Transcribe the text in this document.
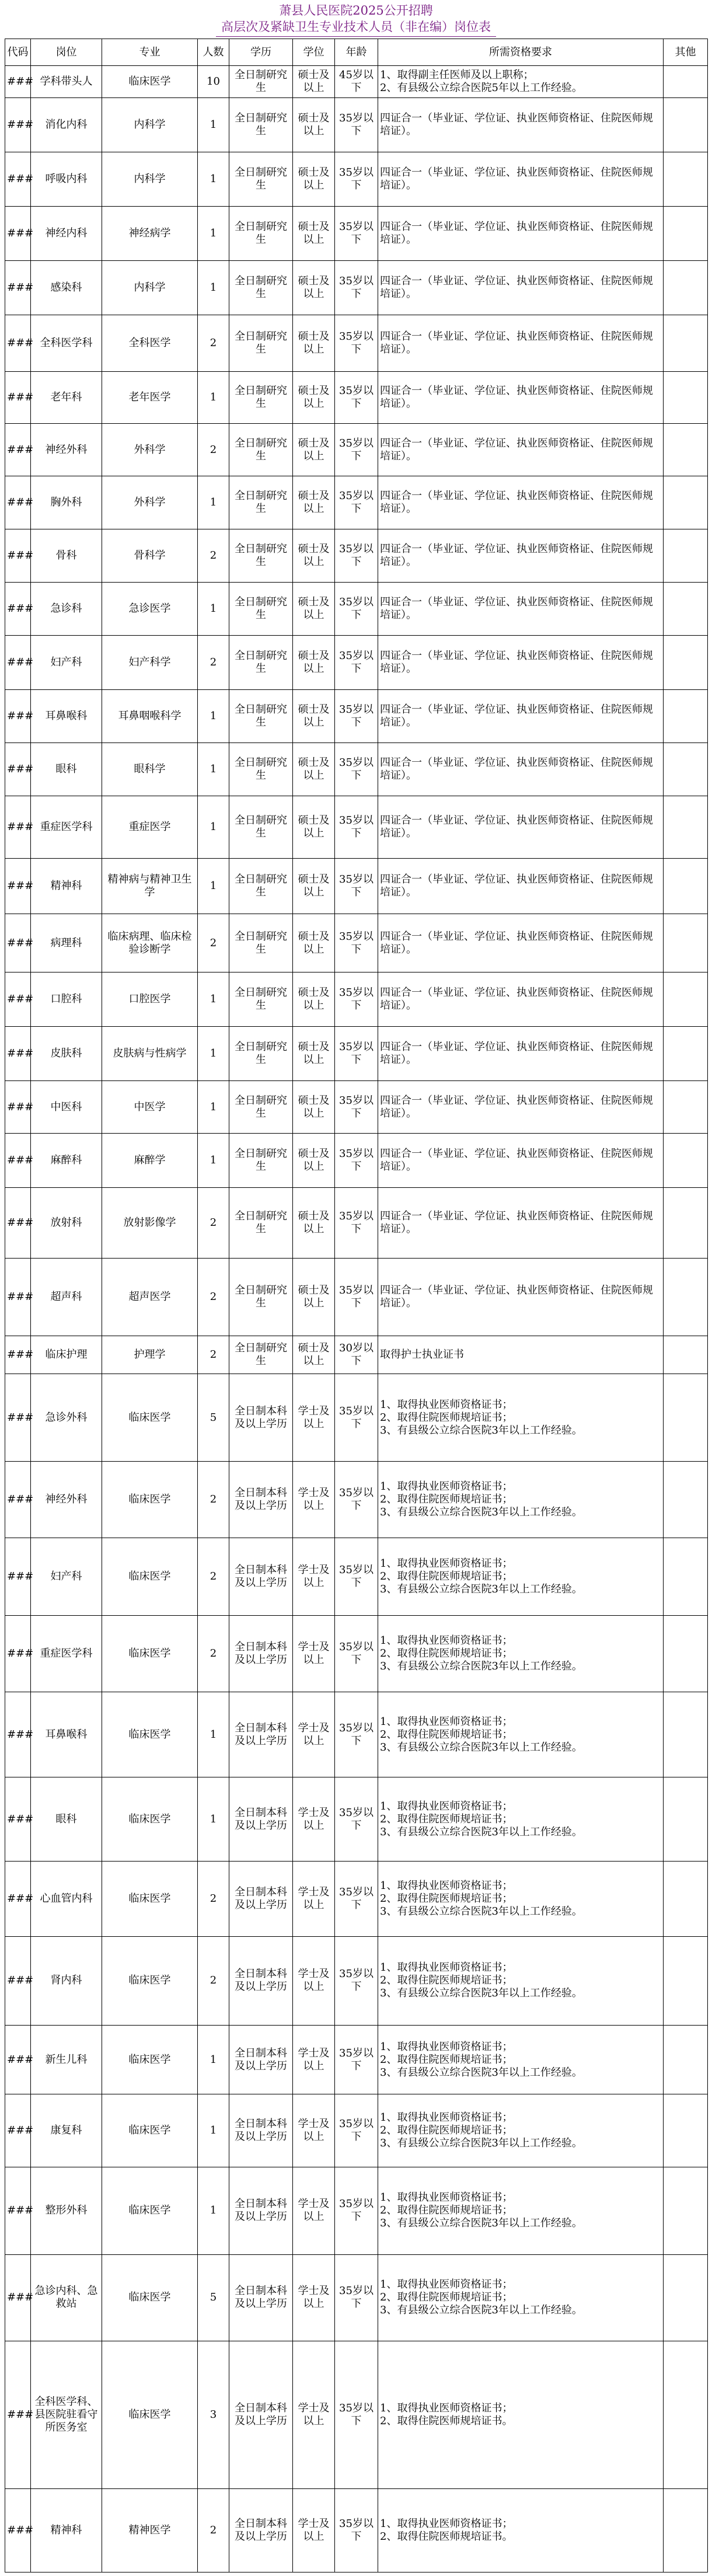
萧县人民医院2025公开招聘
高层次及紧缺卫生专业技术人员（非在编）岗位表
代码	岗位	专业	人数	学历	学位	年龄	所需资格要求	其他
###	学科带头人	临床医学	10	全日制研究生	硕士及以上	45岁以下	1、取得副主任医师及以上职称；
2、有县级公立综合医院5年以上工作经验。	

###	消化内科	内科学	1	全日制研究生	硕士及以上	35岁以下	四证合一（毕业证、学位证、执业医师资格证、住院医师规培证）。	

###	呼吸内科	内科学	1	全日制研究生	硕士及以上	35岁以下	四证合一（毕业证、学位证、执业医师资格证、住院医师规培证）。	

###	神经内科	神经病学	1	全日制研究生	硕士及以上	35岁以下	四证合一（毕业证、学位证、执业医师资格证、住院医师规培证）。	

###	感染科	内科学	1	全日制研究生	硕士及以上	35岁以下	四证合一（毕业证、学位证、执业医师资格证、住院医师规培证）。	

###	全科医学科	全科医学	2	全日制研究生	硕士及以上	35岁以下	四证合一（毕业证、学位证、执业医师资格证、住院医师规培证）。	

###	老年科	老年医学	1	全日制研究生	硕士及以上	35岁以下	四证合一（毕业证、学位证、执业医师资格证、住院医师规培证）。	

###	神经外科	外科学	2	全日制研究生	硕士及以上	35岁以下	四证合一（毕业证、学位证、执业医师资格证、住院医师规培证）。	

###	胸外科	外科学	1	全日制研究生	硕士及以上	35岁以下	四证合一（毕业证、学位证、执业医师资格证、住院医师规培证）。	

###	骨科	骨科学	2	全日制研究生	硕士及以上	35岁以下	四证合一（毕业证、学位证、执业医师资格证、住院医师规培证）。	

###	急诊科	急诊医学	1	全日制研究生	硕士及以上	35岁以下	四证合一（毕业证、学位证、执业医师资格证、住院医师规培证）。	

###	妇产科	妇产科学	2	全日制研究生	硕士及以上	35岁以下	四证合一（毕业证、学位证、执业医师资格证、住院医师规培证）。	

###	耳鼻喉科	耳鼻咽喉科学	1	全日制研究生	硕士及以上	35岁以下	四证合一（毕业证、学位证、执业医师资格证、住院医师规培证）。	

###	眼科	眼科学	1	全日制研究生	硕士及以上	35岁以下	四证合一（毕业证、学位证、执业医师资格证、住院医师规培证）。	

###	重症医学科	重症医学	1	全日制研究生	硕士及以上	35岁以下	四证合一（毕业证、学位证、执业医师资格证、住院医师规培证）。	

###	精神科	精神病与精神卫生学	1	全日制研究生	硕士及以上	35岁以下	四证合一（毕业证、学位证、执业医师资格证、住院医师规培证）。	

###	病理科	临床病理、临床检验诊断学	2	全日制研究生	硕士及以上	35岁以下	四证合一（毕业证、学位证、执业医师资格证、住院医师规培证）。	

###	口腔科	口腔医学	1	全日制研究生	硕士及以上	35岁以下	四证合一（毕业证、学位证、执业医师资格证、住院医师规培证）。	

###	皮肤科	皮肤病与性病学	1	全日制研究生	硕士及以上	35岁以下	四证合一（毕业证、学位证、执业医师资格证、住院医师规培证）。	

###	中医科	中医学	1	全日制研究生	硕士及以上	35岁以下	四证合一（毕业证、学位证、执业医师资格证、住院医师规培证）。	

###	麻醉科	麻醉学	1	全日制研究生	硕士及以上	35岁以下	四证合一（毕业证、学位证、执业医师资格证、住院医师规培证）。	

###	放射科	放射影像学	2	全日制研究生	硕士及以上	35岁以下	四证合一（毕业证、学位证、执业医师资格证、住院医师规培证）。	

###	超声科	超声医学	2	全日制研究生	硕士及以上	35岁以下	四证合一（毕业证、学位证、执业医师资格证、住院医师规培证）。	

###	临床护理	护理学	2	全日制研究生	硕士及以上	30岁以下	取得护士执业证书	

###	急诊外科	临床医学	5	全日制本科及以上学历	学士及以上	35岁以下	1、取得执业医师资格证书；
2、取得住院医师规培证书；
3、有县级公立综合医院3年以上工作经验。	

###	神经外科	临床医学	2	全日制本科及以上学历	学士及以上	35岁以下	1、取得执业医师资格证书；
2、取得住院医师规培证书；
3、有县级公立综合医院3年以上工作经验。	

###	妇产科	临床医学	2	全日制本科及以上学历	学士及以上	35岁以下	1、取得执业医师资格证书；
2、取得住院医师规培证书；
3、有县级公立综合医院3年以上工作经验。	

###	重症医学科	临床医学	2	全日制本科及以上学历	学士及以上	35岁以下	1、取得执业医师资格证书；
2、取得住院医师规培证书；
3、有县级公立综合医院3年以上工作经验。	

###	耳鼻喉科	临床医学	1	全日制本科及以上学历	学士及以上	35岁以下	1、取得执业医师资格证书；
2、取得住院医师规培证书；
3、有县级公立综合医院3年以上工作经验。	

###	眼科	临床医学	1	全日制本科及以上学历	学士及以上	35岁以下	1、取得执业医师资格证书；
2、取得住院医师规培证书；
3、有县级公立综合医院3年以上工作经验。	

###	心血管内科	临床医学	2	全日制本科及以上学历	学士及以上	35岁以下	1、取得执业医师资格证书；
2、取得住院医师规培证书；
3、有县级公立综合医院3年以上工作经验。	

###	肾内科	临床医学	2	全日制本科及以上学历	学士及以上	35岁以下	1、取得执业医师资格证书；
2、取得住院医师规培证书；
3、有县级公立综合医院3年以上工作经验。	

###	新生儿科	临床医学	1	全日制本科及以上学历	学士及以上	35岁以下	1、取得执业医师资格证书；
2、取得住院医师规培证书；
3、有县级公立综合医院3年以上工作经验。	

###	康复科	临床医学	1	全日制本科及以上学历	学士及以上	35岁以下	1、取得执业医师资格证书；
2、取得住院医师规培证书；
3、有县级公立综合医院3年以上工作经验。	

###	整形外科	临床医学	1	全日制本科及以上学历	学士及以上	35岁以下	1、取得执业医师资格证书；
2、取得住院医师规培证书；
3、有县级公立综合医院3年以上工作经验。	

###	急诊内科、急救站	临床医学	5	全日制本科及以上学历	学士及以上	35岁以下	1、取得执业医师资格证书；
2、取得住院医师规培证书；
3、有县级公立综合医院3年以上工作经验。	

###	全科医学科、县医院驻看守所医务室	临床医学	3	全日制本科及以上学历	学士及以上	35岁以下	1、取得执业医师资格证书；
2、取得住院医师规培证书。	

###	精神科	精神医学	2	全日制本科及以上学历	学士及以上	35岁以下	1、取得执业医师资格证书；
2、取得住院医师规培证书。	
